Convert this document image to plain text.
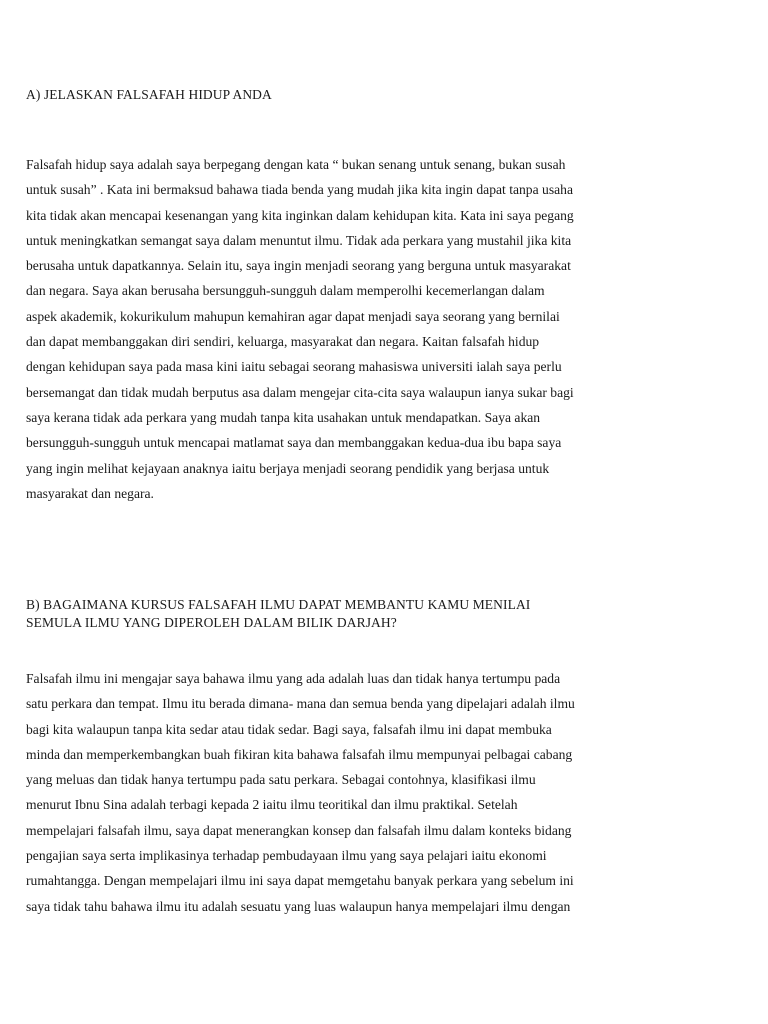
A) JELASKAN FALSAFAH HIDUP ANDA

Falsafah hidup saya adalah saya berpegang dengan kata “ bukan senang untuk senang, bukan susah
untuk susah” . Kata ini bermaksud bahawa tiada benda yang mudah jika kita ingin dapat tanpa usaha
kita tidak akan mencapai kesenangan yang kita inginkan dalam kehidupan kita. Kata ini saya pegang
untuk meningkatkan semangat saya dalam menuntut ilmu. Tidak ada perkara yang mustahil jika kita
berusaha untuk dapatkannya. Selain itu, saya ingin menjadi seorang yang berguna untuk masyarakat
dan negara. Saya akan berusaha bersungguh-sungguh dalam memperolhi kecemerlangan dalam
aspek akademik, kokurikulum mahupun kemahiran agar dapat menjadi saya seorang yang bernilai
dan dapat membanggakan diri sendiri, keluarga, masyarakat dan negara. Kaitan falsafah hidup
dengan kehidupan saya pada masa kini iaitu sebagai seorang mahasiswa universiti ialah saya perlu
bersemangat dan tidak mudah berputus asa dalam mengejar cita-cita saya walaupun ianya sukar bagi
saya kerana tidak ada perkara yang mudah tanpa kita usahakan untuk mendapatkan. Saya akan
bersungguh-sungguh untuk mencapai matlamat saya dan membanggakan kedua-dua ibu bapa saya
yang ingin melihat kejayaan anaknya iaitu berjaya menjadi seorang pendidik yang berjasa untuk
masyarakat dan negara.

B) BAGAIMANA KURSUS FALSAFAH ILMU DAPAT MEMBANTU KAMU MENILAI
SEMULA ILMU YANG DIPEROLEH DALAM BILIK DARJAH?

Falsafah ilmu ini mengajar saya bahawa ilmu yang ada adalah luas dan tidak hanya tertumpu pada
satu perkara dan tempat. Ilmu itu berada dimana- mana dan semua benda yang dipelajari adalah ilmu
bagi kita walaupun tanpa kita sedar atau tidak sedar. Bagi saya, falsafah ilmu ini dapat membuka
minda dan memperkembangkan buah fikiran kita bahawa falsafah ilmu mempunyai pelbagai cabang
yang meluas dan tidak hanya tertumpu pada satu perkara. Sebagai contohnya, klasifikasi ilmu
menurut Ibnu Sina adalah terbagi kepada 2 iaitu ilmu teoritikal dan ilmu praktikal. Setelah
mempelajari falsafah ilmu, saya dapat menerangkan konsep dan falsafah ilmu dalam konteks bidang
pengajian saya serta implikasinya terhadap pembudayaan ilmu yang saya pelajari iaitu ekonomi
rumahtangga. Dengan mempelajari ilmu ini saya dapat memgetahu banyak perkara yang sebelum ini
saya tidak tahu bahawa ilmu itu adalah sesuatu yang luas walaupun hanya mempelajari ilmu dengan
